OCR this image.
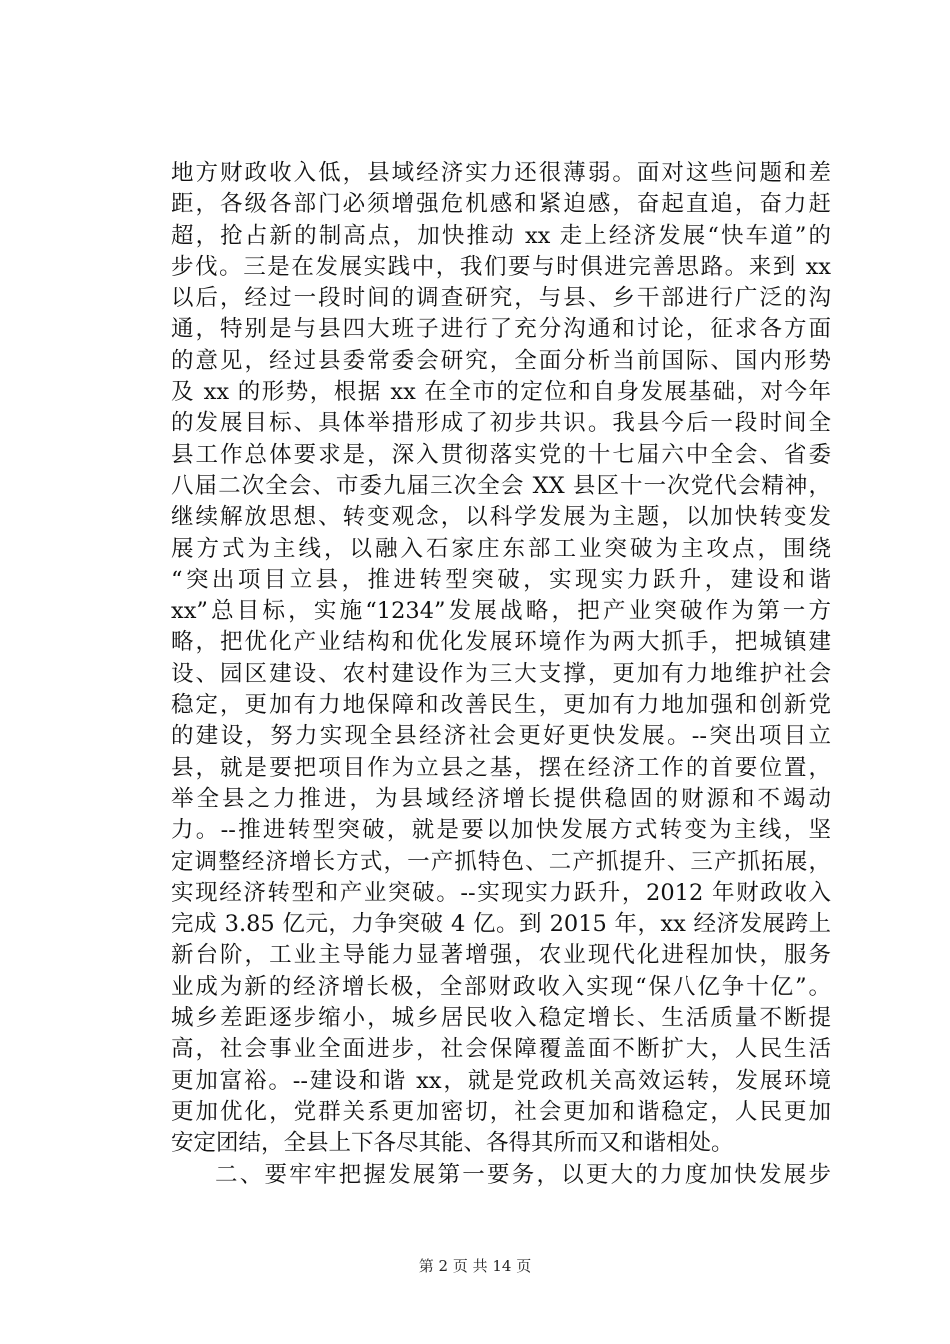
地方财政收入低，县域经济实力还很薄弱。面对这些问题和差
距，各级各部门必须增强危机感和紧迫感，奋起直追，奋力赶
超，抢占新的制高点，加快推动 xx 走上经济发展“快车道”的
步伐。三是在发展实践中，我们要与时俱进完善思路。来到 xx
以后，经过一段时间的调查研究，与县、乡干部进行广泛的沟
通，特别是与县四大班子进行了充分沟通和讨论，征求各方面
的意见，经过县委常委会研究，全面分析当前国际、国内形势
及 xx 的形势，根据 xx 在全市的定位和自身发展基础，对今年
的发展目标、具体举措形成了初步共识。我县今后一段时间全
县工作总体要求是，深入贯彻落实党的十七届六中全会、省委
八届二次全会、市委九届三次全会 XX 县区十一次党代会精神，
继续解放思想、转变观念，以科学发展为主题，以加快转变发
展方式为主线，以融入石家庄东部工业突破为主攻点，围绕
“突出项目立县，推进转型突破，实现实力跃升，建设和谐
xx”总目标，实施“1234”发展战略，把产业突破作为第一方
略，把优化产业结构和优化发展环境作为两大抓手，把城镇建
设、园区建设、农村建设作为三大支撑，更加有力地维护社会
稳定，更加有力地保障和改善民生，更加有力地加强和创新党
的建设，努力实现全县经济社会更好更快发展。--突出项目立
县，就是要把项目作为立县之基，摆在经济工作的首要位置，
举全县之力推进，为县域经济增长提供稳固的财源和不竭动
力。--推进转型突破，就是要以加快发展方式转变为主线，坚
定调整经济增长方式，一产抓特色、二产抓提升、三产抓拓展，
实现经济转型和产业突破。--实现实力跃升，2012 年财政收入
完成 3.85 亿元，力争突破 4 亿。到 2015 年，xx 经济发展跨上
新台阶，工业主导能力显著增强，农业现代化进程加快，服务
业成为新的经济增长极，全部财政收入实现“保八亿争十亿”。
城乡差距逐步缩小，城乡居民收入稳定增长、生活质量不断提
高，社会事业全面进步，社会保障覆盖面不断扩大，人民生活
更加富裕。--建设和谐 xx，就是党政机关高效运转，发展环境
更加优化，党群关系更加密切，社会更加和谐稳定，人民更加
安定团结，全县上下各尽其能、各得其所而又和谐相处。
二、要牢牢把握发展第一要务，以更大的力度加快发展步
第 2 页 共 14 页
